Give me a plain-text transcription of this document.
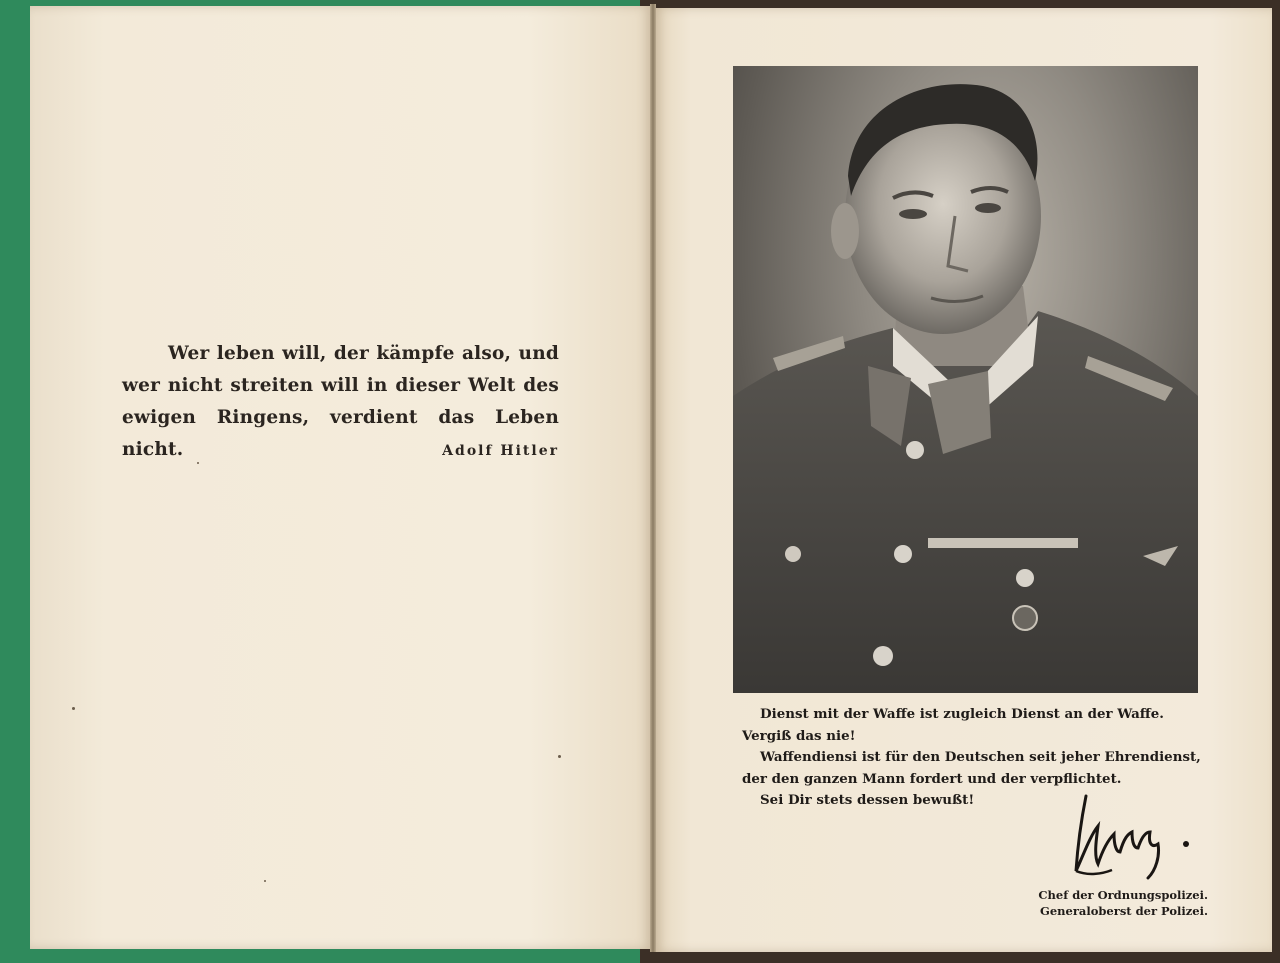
Wer leben will, der kämpfe also, und
wer nicht streiten will in dieser Welt des
ewigen Ringens, verdient das Leben nicht.	Adolf Hitler
Dienst mit der Waffe ist zugleich Dienst an der Waffe.
Vergiß das nie!
Waffendiensi ist für den Deutschen seit jeher Ehrendienst,
der den ganzen Mann fordert und der verpflichtet.
Sei Dir stets dessen bewußt!
Chef der Ordnungspolizei.
Generaloberst der Polizei.
